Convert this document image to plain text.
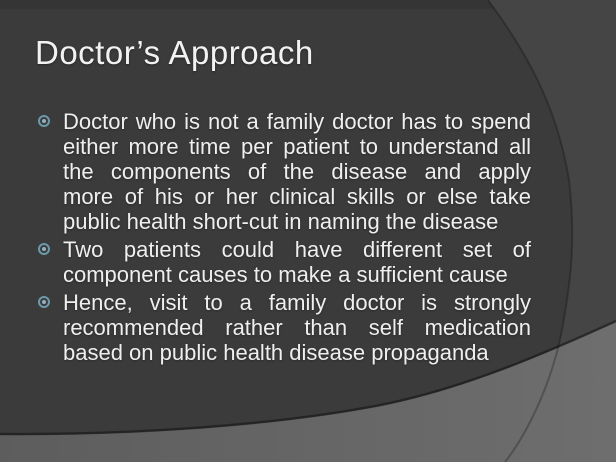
Doctor’s Approach
Doctor who is not a family doctor has to spend
either more time per patient to understand all
the components of the disease and apply
more of his or her clinical skills or else take
public health short-cut in naming the disease
Two patients could have different set of
component causes to make a sufficient cause
Hence, visit to a family doctor is strongly
recommended rather than self medication
based on public health disease propaganda
